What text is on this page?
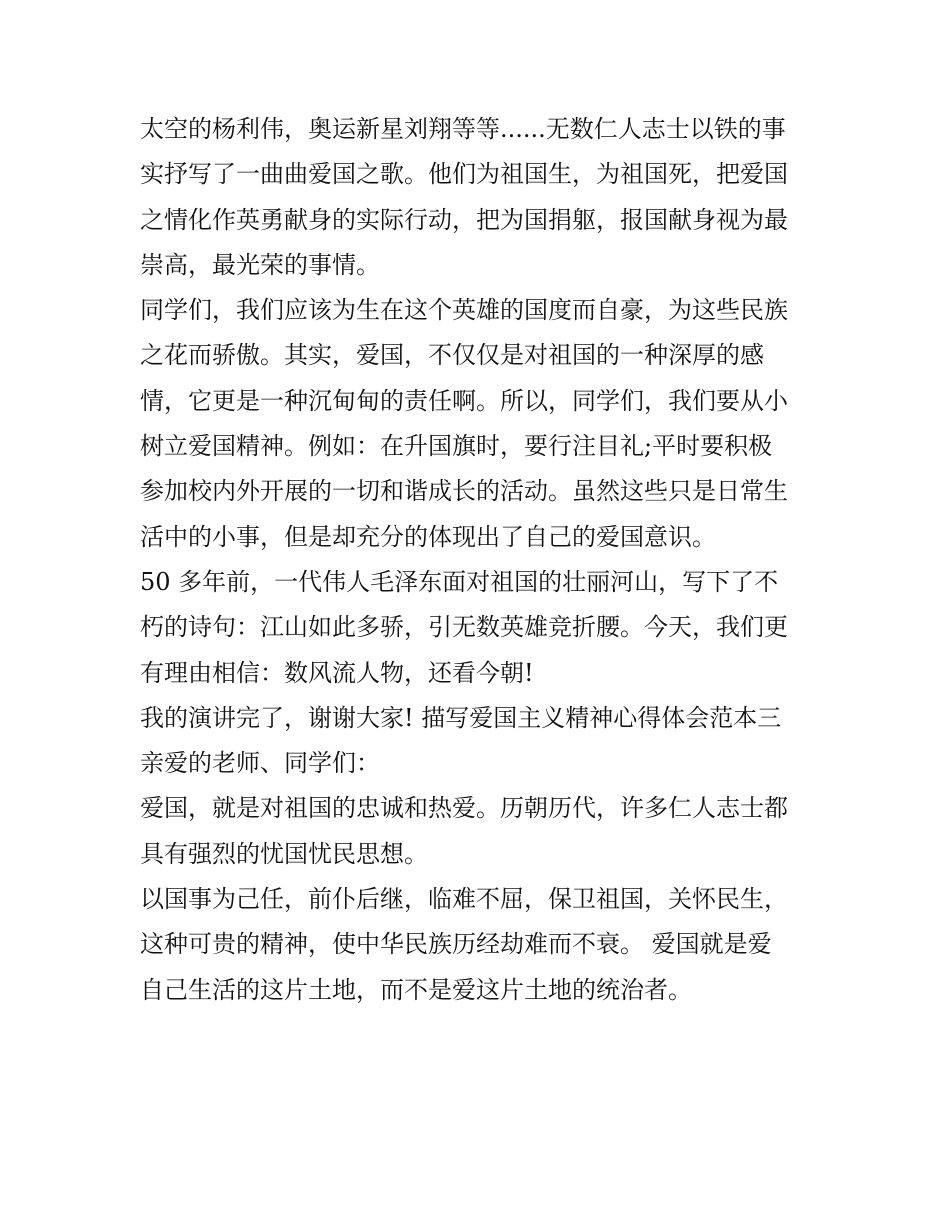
太空的杨利伟，奥运新星刘翔等等......无数仁人志士以铁的事
实抒写了一曲曲爱国之歌。他们为祖国生，为祖国死，把爱国
之情化作英勇献身的实际行动，把为国捐躯，报国献身视为最
崇高，最光荣的事情。
同学们，我们应该为生在这个英雄的国度而自豪，为这些民族
之花而骄傲。其实，爱国，不仅仅是对祖国的一种深厚的感
情，它更是一种沉甸甸的责任啊。所以，同学们，我们要从小
树立爱国精神。例如：在升国旗时，要行注目礼;平时要积极
参加校内外开展的一切和谐成长的活动。虽然这些只是日常生
活中的小事，但是却充分的体现出了自己的爱国意识。
50 多年前，一代伟人毛泽东面对祖国的壮丽河山，写下了不
朽的诗句：江山如此多骄，引无数英雄竞折腰。今天，我们更
有理由相信：数风流人物，还看今朝!
我的演讲完了，谢谢大家! 描写爱国主义精神心得体会范本三
亲爱的老师、同学们：
爱国，就是对祖国的忠诚和热爱。历朝历代，许多仁人志士都
具有强烈的忧国忧民思想。
以国事为己任，前仆后继，临难不屈，保卫祖国，关怀民生，
这种可贵的精神，使中华民族历经劫难而不衰。 爱国就是爱
自己生活的这片土地，而不是爱这片土地的统治者。
